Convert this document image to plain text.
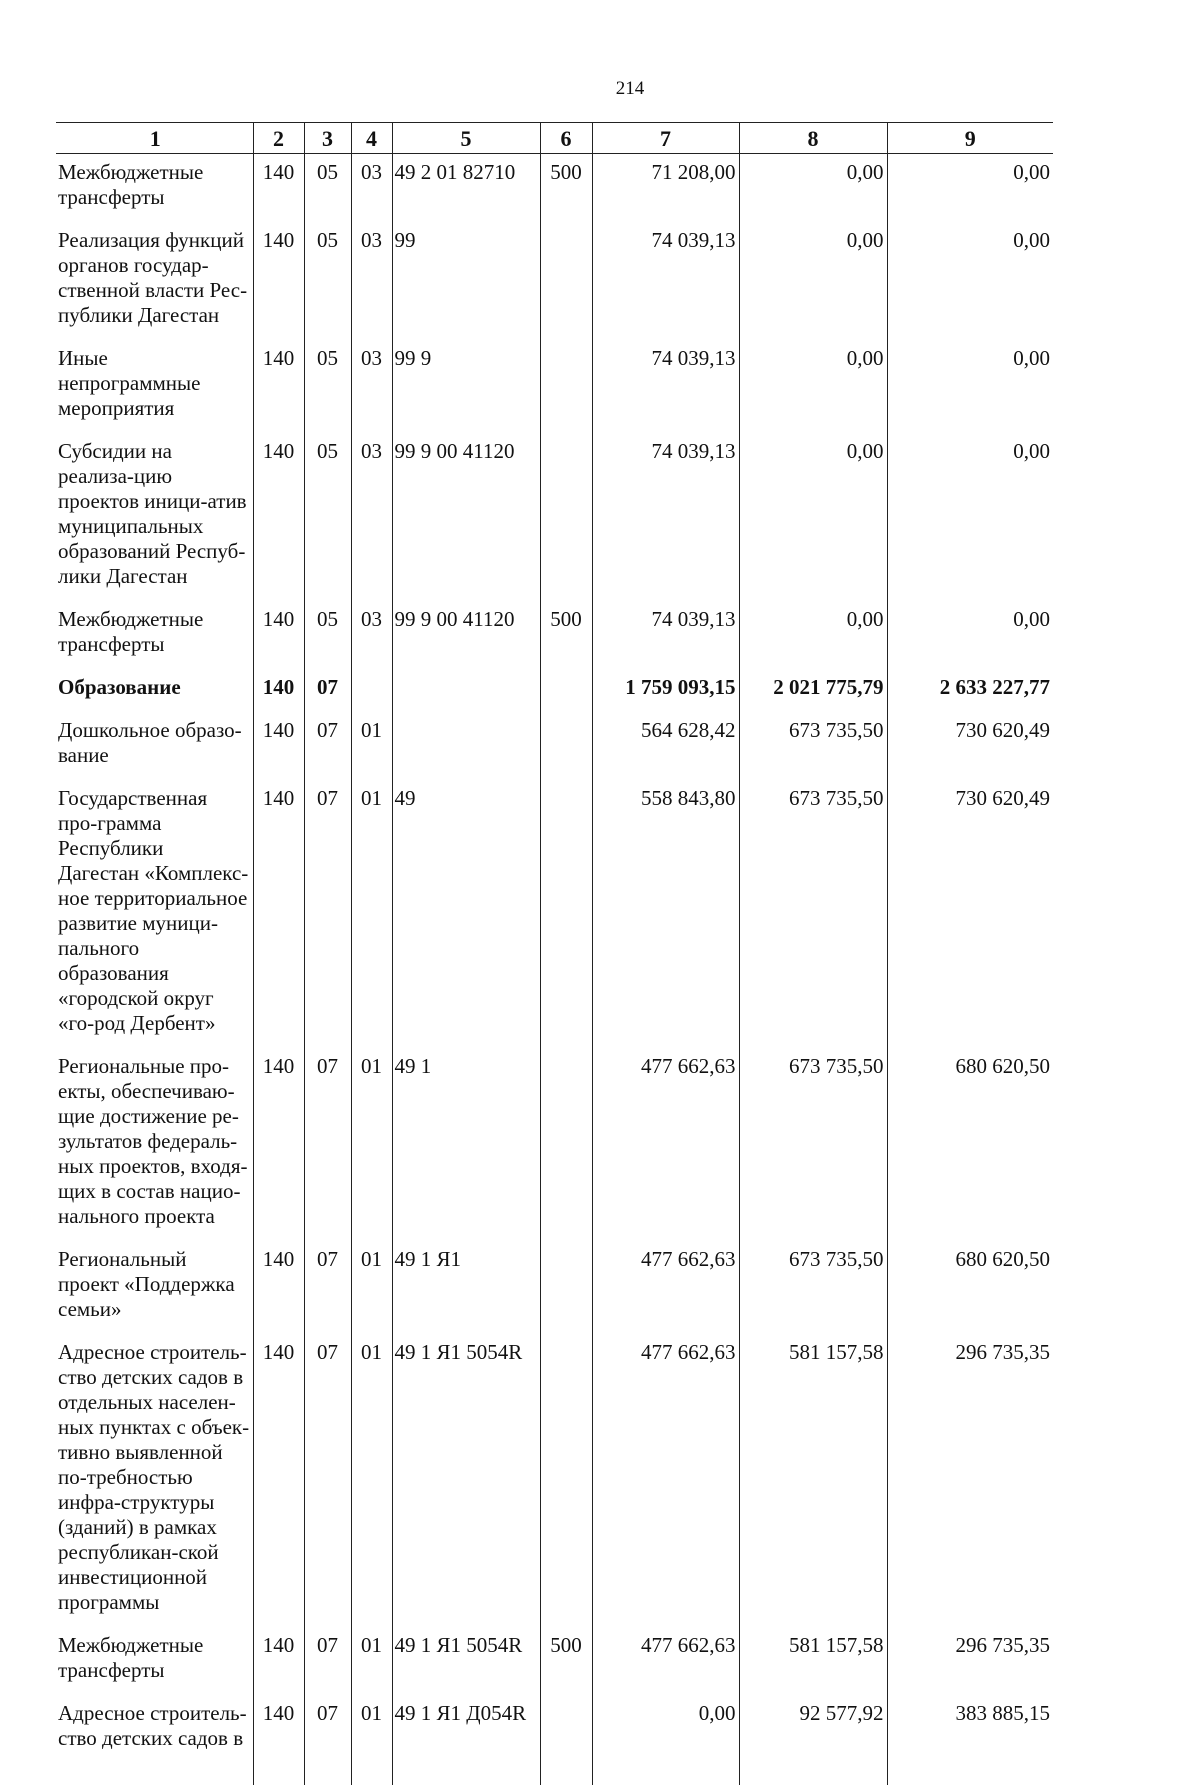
214
1	2	3	4	5	6	7	8	9
Межбюджетные трансферты	140	05	03	49 2 01 82710	500	71 208,00	0,00	0,00
Реализация функций органов государ-ственной власти Рес-публики Дагестан	140	05	03	99		74 039,13	0,00	0,00
Иные непрограммные мероприятия	140	05	03	99 9		74 039,13	0,00	0,00
Субсидии на реализа-цию проектов иници-атив муниципальных образований Респуб-лики Дагестан	140	05	03	99 9 00 41120		74 039,13	0,00	0,00
Межбюджетные трансферты	140	05	03	99 9 00 41120	500	74 039,13	0,00	0,00
Образование	140	07				1 759 093,15	2 021 775,79	2 633 227,77
Дошкольное образо-вание	140	07	01			564 628,42	673 735,50	730 620,49
Государственная про-грамма Республики Дагестан «Комплекс-ное территориальное развитие муници-пального образования «городской округ «го-род Дербент»	140	07	01	49		558 843,80	673 735,50	730 620,49
Региональные про-екты, обеспечиваю-щие достижение ре-зультатов федераль-ных проектов, входя-щих в состав нацио-нального проекта	140	07	01	49 1		477 662,63	673 735,50	680 620,50
Региональный проект «Поддержка семьи»	140	07	01	49 1 Я1		477 662,63	673 735,50	680 620,50
Адресное строитель-ство детских садов в отдельных населен-ных пунктах с объек-тивно выявленной по-требностью инфра-структуры (зданий) в рамках республикан-ской инвестиционной программы	140	07	01	49 1 Я1 5054R		477 662,63	581 157,58	296 735,35
Межбюджетные трансферты	140	07	01	49 1 Я1 5054R	500	477 662,63	581 157,58	296 735,35
Адресное строитель-ство детских садов в	140	07	01	49 1 Я1 Д054R		0,00	92 577,92	383 885,15
